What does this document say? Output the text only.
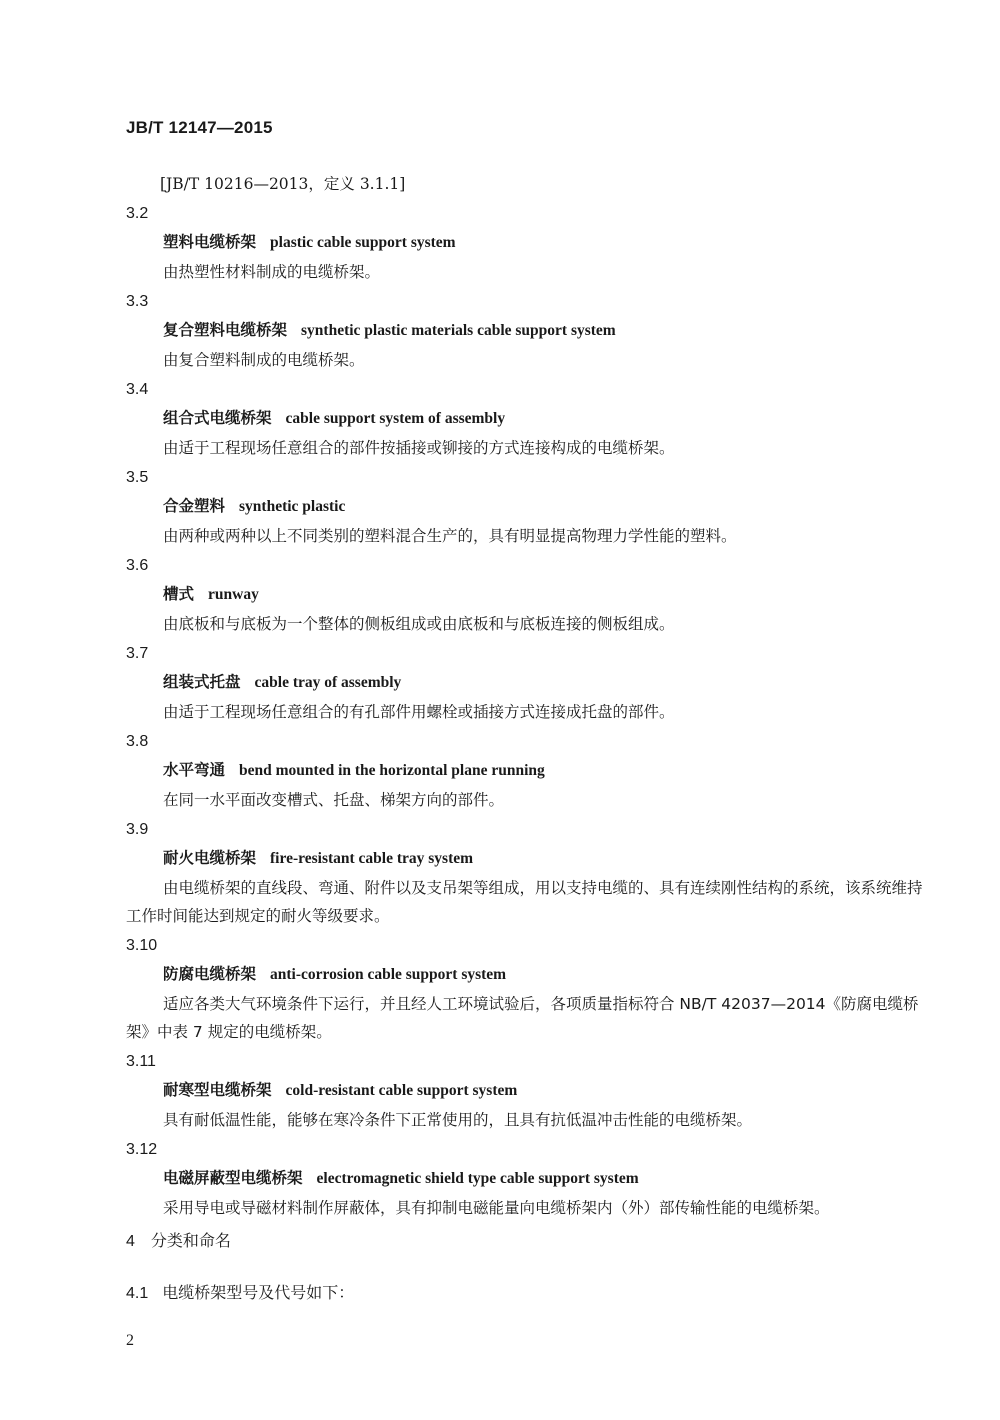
JB/T 12147—2015
[JB/T 10216—2013，定义 3.1.1]
3.2
塑料电缆桥架 plastic cable support system
由热塑性材料制成的电缆桥架。
3.3
复合塑料电缆桥架 synthetic plastic materials cable support system
由复合塑料制成的电缆桥架。
3.4
组合式电缆桥架 cable support system of assembly
由适于工程现场任意组合的部件按插接或铆接的方式连接构成的电缆桥架。
3.5
合金塑料 synthetic plastic
由两种或两种以上不同类别的塑料混合生产的，具有明显提高物理力学性能的塑料。
3.6
槽式 runway
由底板和与底板为一个整体的侧板组成或由底板和与底板连接的侧板组成。
3.7
组装式托盘 cable tray of assembly
由适于工程现场任意组合的有孔部件用螺栓或插接方式连接成托盘的部件。
3.8
水平弯通 bend mounted in the horizontal plane running
在同一水平面改变槽式、托盘、梯架方向的部件。
3.9
耐火电缆桥架 fire-resistant cable tray system
由电缆桥架的直线段、弯通、附件以及支吊架等组成，用以支持电缆的、具有连续刚性结构的系统，该系统维持工作时间能达到规定的耐火等级要求。
3.10
防腐电缆桥架 anti-corrosion cable support system
适应各类大气环境条件下运行，并且经人工环境试验后，各项质量指标符合 NB/T 42037—2014《防腐电缆桥架》中表 7 规定的电缆桥架。
3.11
耐寒型电缆桥架 cold-resistant cable support system
具有耐低温性能，能够在寒冷条件下正常使用的，且具有抗低温冲击性能的电缆桥架。
3.12
电磁屏蔽型电缆桥架 electromagnetic shield type cable support system
采用导电或导磁材料制作屏蔽体，具有抑制电磁能量向电缆桥架内（外）部传输性能的电缆桥架。
4 分类和命名
4.1 电缆桥架型号及代号如下：
2
